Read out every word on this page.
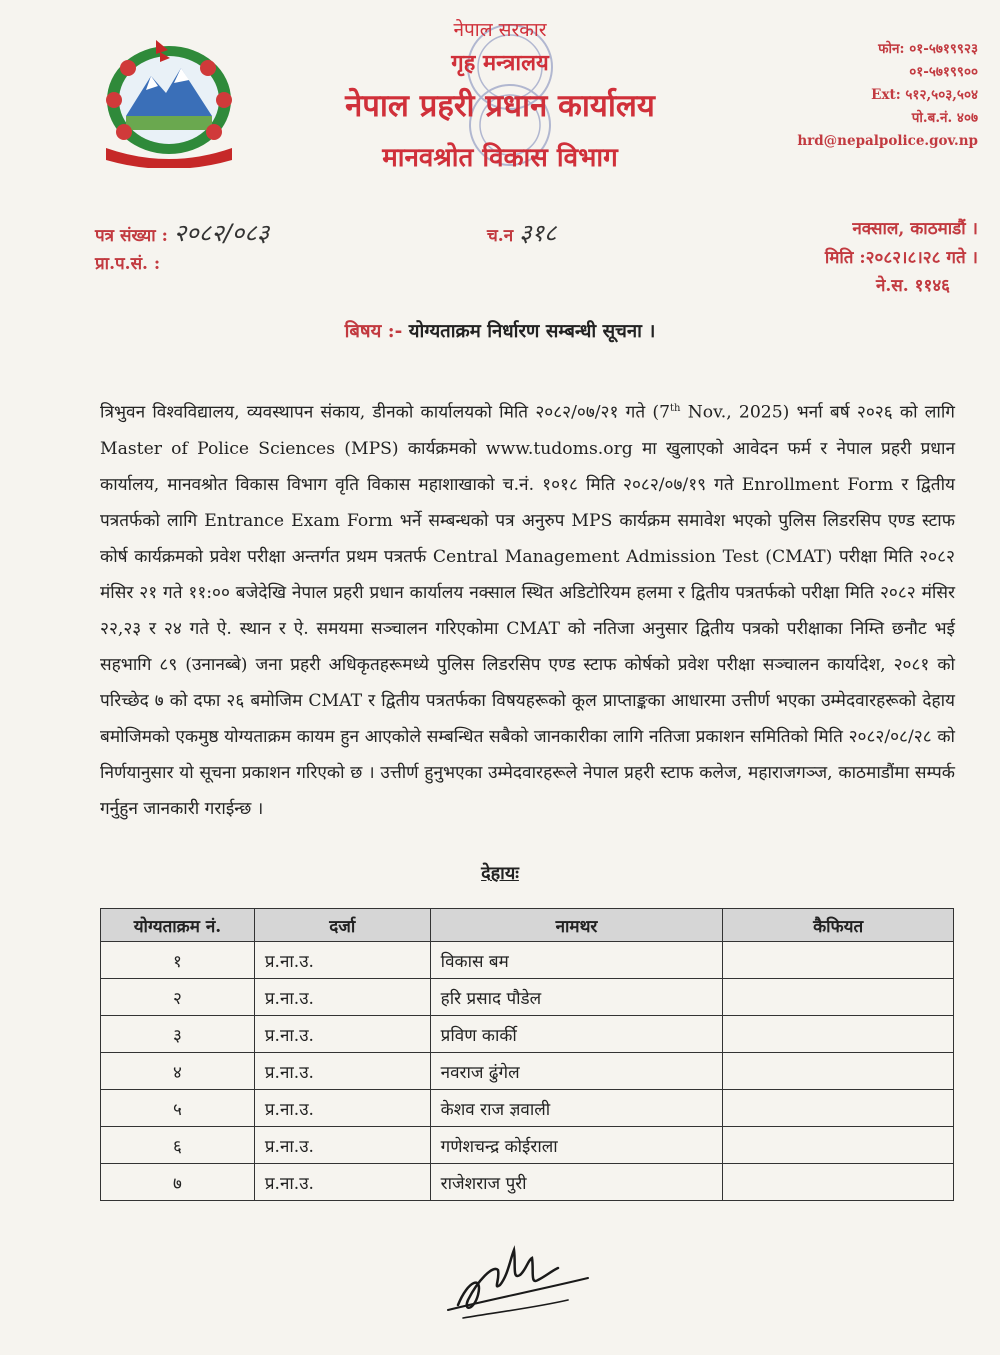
नेपाल सरकार
गृह मन्त्रालय
नेपाल प्रहरी प्रधान कार्यालय
मानवश्रोत विकास विभाग
फोन: ०१-५७१९९२३
०१-५७१९९००
Ext: ५१२,५०३,५०४
पो.ब.नं. ४०७
hrd@nepalpolice.gov.np
पत्र संख्या : २०८२/०८३
प्रा.प.सं. :
च.न ३१८	नक्साल, काठमाडौं ।
मिति :२०८२।८।२८ गते ।
ने.स. ११४६
बिषय :- योग्यताक्रम निर्धारण सम्बन्धी सूचना ।
त्रिभुवन विश्वविद्यालय, व्यवस्थापन संकाय, डीनको कार्यालयको मिति २०८२/०७/२१ गते (7th Nov., 2025) भर्ना बर्ष २०२६ को लागि Master of Police Sciences (MPS) कार्यक्रमको www.tudoms.org मा खुलाएको आवेदन फर्म र नेपाल प्रहरी प्रधान कार्यालय, मानवश्रोत विकास विभाग वृति विकास महाशाखाको च.नं. १०१८ मिति २०८२/०७/१९ गते Enrollment Form र द्वितीय पत्रतर्फको लागि Entrance Exam Form भर्ने सम्बन्धको पत्र अनुरुप MPS कार्यक्रम समावेश भएको पुलिस लिडरसिप एण्ड स्टाफ कोर्ष कार्यक्रमको प्रवेश परीक्षा अन्तर्गत प्रथम पत्रतर्फ Central Management Admission Test (CMAT) परीक्षा मिति २०८२ मंसिर २१ गते ११:०० बजेदेखि नेपाल प्रहरी प्रधान कार्यालय नक्साल स्थित अडिटोरियम हलमा र द्वितीय पत्रतर्फको परीक्षा मिति २०८२ मंसिर २२,२३ र २४ गते ऐ. स्थान र ऐ. समयमा सञ्चालन गरिएकोमा CMAT को नतिजा अनुसार द्वितीय पत्रको परीक्षाका निम्ति छनौट भई सहभागि ८९ (उनानब्बे) जना प्रहरी अधिकृतहरूमध्ये पुलिस लिडरसिप एण्ड स्टाफ कोर्षको प्रवेश परीक्षा सञ्चालन कार्यादेश, २०८१ को परिच्छेद ७ को दफा २६ बमोजिम CMAT र द्वितीय पत्रतर्फका विषयहरूको कूल प्राप्ताङ्कका आधारमा उत्तीर्ण भएका उम्मेदवारहरूको देहाय बमोजिमको एकमुष्ठ योग्यताक्रम कायम हुन आएकोले सम्बन्धित सबैको जानकारीका लागि नतिजा प्रकाशन समितिको मिति २०८२/०८/२८ को निर्णयानुसार यो सूचना प्रकाशन गरिएको छ । उत्तीर्ण हुनुभएका उम्मेदवारहरूले नेपाल प्रहरी स्टाफ कलेज, महाराजगञ्ज, काठमाडौंमा सम्पर्क गर्नुहुन जानकारी गराईन्छ ।
देहायः
योग्यताक्रम नं.	दर्जा	नामथर	कैफियत
१	प्र.ना.उ.	विकास बम	
२	प्र.ना.उ.	हरि प्रसाद पौडेल	
३	प्र.ना.उ.	प्रविण कार्की	
४	प्र.ना.उ.	नवराज ढुंगेल	
५	प्र.ना.उ.	केशव राज ज्ञवाली	
६	प्र.ना.उ.	गणेशचन्द्र कोईराला	
७	प्र.ना.उ.	राजेशराज पुरी	
